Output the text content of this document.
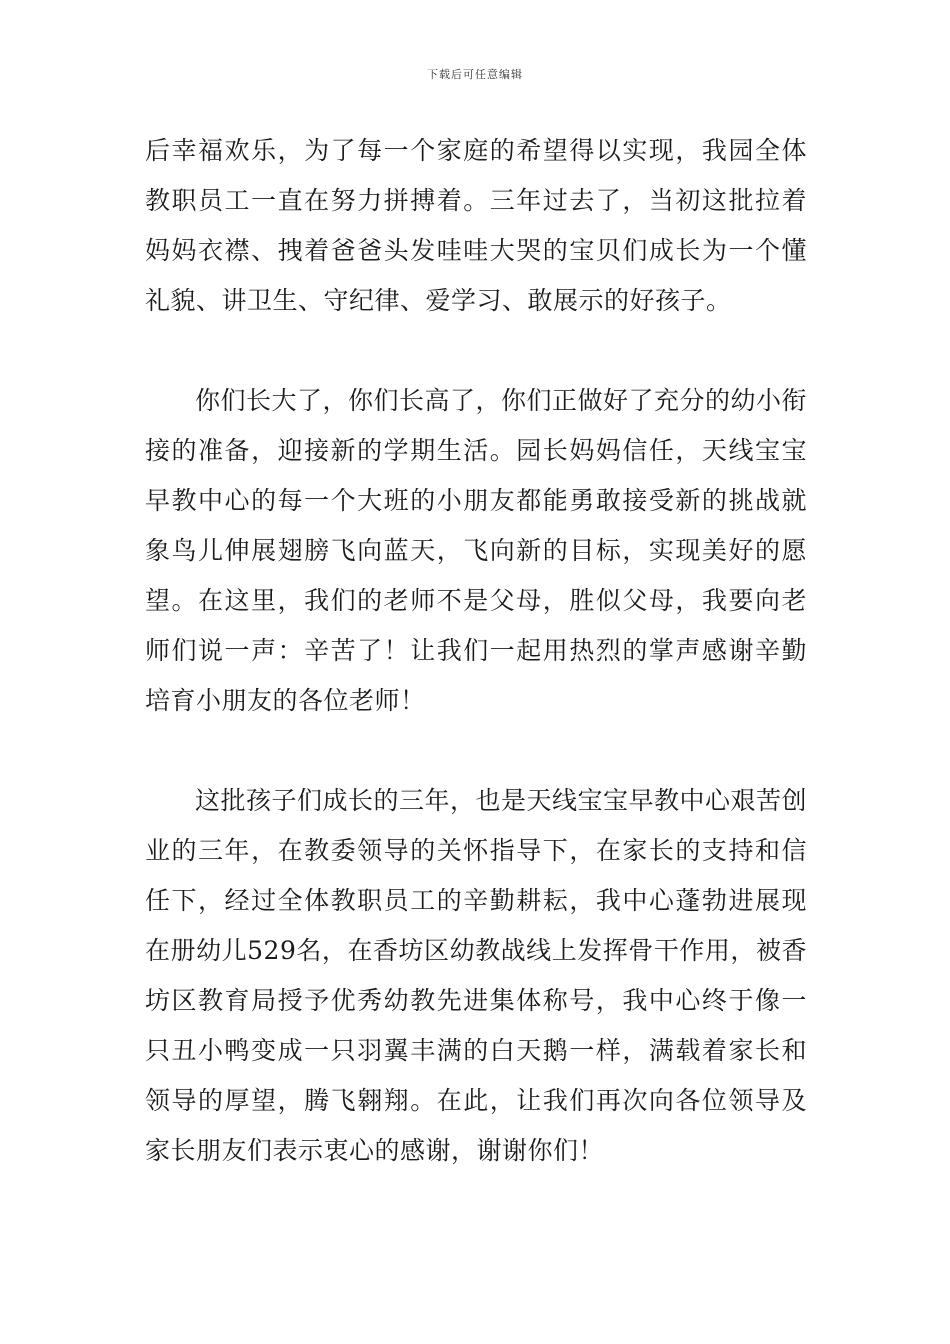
下载后可任意编辑

后幸福欢乐，为了每一个家庭的希望得以实现，我园全体教职员工一直在努力拼搏着。三年过去了，当初这批拉着妈妈衣襟、拽着爸爸头发哇哇大哭的宝贝们成长为一个懂礼貌、讲卫生、守纪律、爱学习、敢展示的好孩子。

你们长大了，你们长高了，你们正做好了充分的幼小衔接的准备，迎接新的学期生活。园长妈妈信任，天线宝宝早教中心的每一个大班的小朋友都能勇敢接受新的挑战就象鸟儿伸展翅膀飞向蓝天，飞向新的目标，实现美好的愿望。在这里，我们的老师不是父母，胜似父母，我要向老师们说一声：辛苦了！让我们一起用热烈的掌声感谢辛勤培育小朋友的各位老师！

这批孩子们成长的三年，也是天线宝宝早教中心艰苦创业的三年，在教委领导的关怀指导下，在家长的支持和信任下，经过全体教职员工的辛勤耕耘，我中心蓬勃进展现在册幼儿529名，在香坊区幼教战线上发挥骨干作用，被香坊区教育局授予优秀幼教先进集体称号，我中心终于像一只丑小鸭变成一只羽翼丰满的白天鹅一样，满载着家长和领导的厚望，腾飞翱翔。在此，让我们再次向各位领导及家长朋友们表示衷心的感谢，谢谢你们！
